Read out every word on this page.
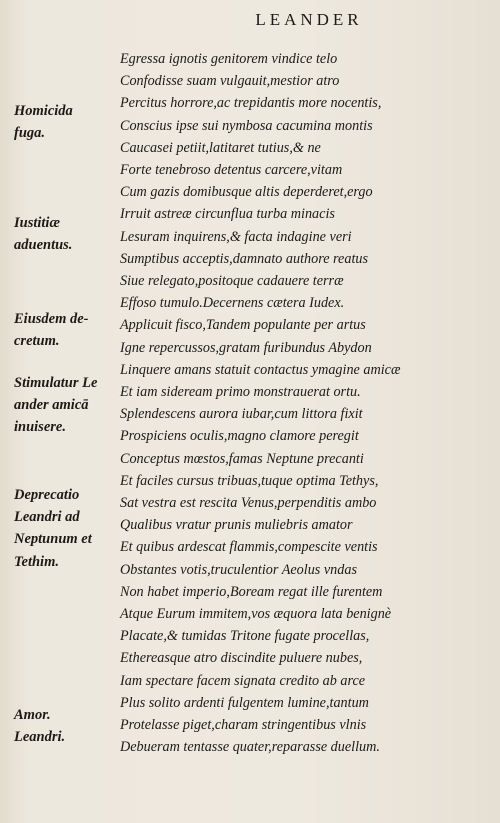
LEANDER
Egressa ignotis genitorem vindice telo
Confodisse suam vulgauit,mestior atro
Percitus horrore,ac trepidantis more nocentis,
Conscius ipse sui nymbosa cacumina montis
Caucasei petiit,latitaret tutius,& ne
Forte tenebroso detentus carcere,vitam
Cum gazis domibusque altis deperderet,ergo
Irruit astreæ circunflua turba minacis
Lesuram inquirens,& facta indagine veri
Sumptibus acceptis,damnato authore reatus
Siue relegato,positoque cadauere terræ
Effoso tumulo.Decernens cætera Iudex.
Applicuit fisco,Tandem populante per artus
Igne repercussos,gratam furibundus Abydon
Linquere amans statuit contactus ymagine amicæ
Et iam sideream primo monstrauerat ortu.
Splendescens aurora iubar,cum littora fixit
Prospiciens oculis,magno clamore peregit
Conceptus mœstos,famas Neptune precanti
Et faciles cursus tribuas,tuque optima Tethys,
Sat vestra est rescita Venus,perpenditis ambo
Qualibus vratur prunis muliebris amator
Et quibus ardescat flammis,compescite ventis
Obstantes votis,truculentior Aeolus vndas
Non habet imperio,Boream regat ille furentem
Atque Eurum immitem,vos æquora lata benignè
Placate,& tumidas Tritone fugate procellas,
Ethereasque atro discindite puluere nubes,
Iam spectare facem signata credito ab arce
Plus solito ardenti fulgentem lumine,tantum
Protelasse piget,charam stringentibus vlnis
Debueram tentasse quater,reparasse duellum.
Homicida
fuga.
Iustitiæ
aduentus.
Eiusdem de-
cretum.
Stimulatur Le
ander amicā
inuisere.
Deprecatio
Leandri ad
Neptunum et
Tethim.
Amor.
Leandri.
